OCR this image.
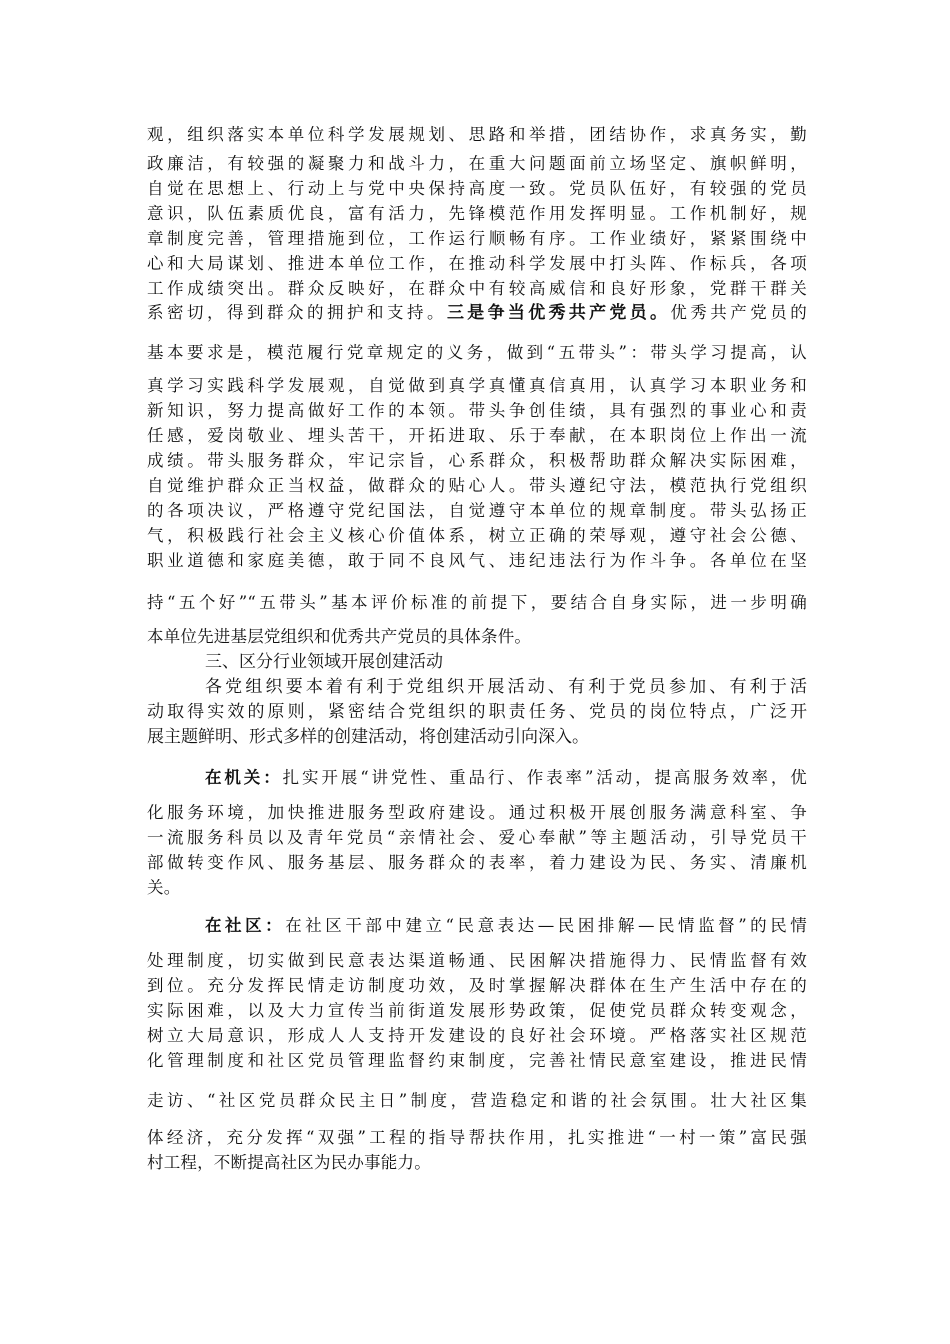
观，组织落实本单位科学发展规划、思路和举措，团结协作，求真务实，勤
政廉洁，有较强的凝聚力和战斗力，在重大问题面前立场坚定、旗帜鲜明，
自觉在思想上、行动上与党中央保持高度一致。党员队伍好，有较强的党员
意识，队伍素质优良，富有活力，先锋模范作用发挥明显。工作机制好，规
章制度完善，管理措施到位，工作运行顺畅有序。工作业绩好，紧紧围绕中
心和大局谋划、推进本单位工作，在推动科学发展中打头阵、作标兵，各项
工作成绩突出。群众反映好，在群众中有较高威信和良好形象，党群干群关
系密切，得到群众的拥护和支持。三是争当优秀共产党员。优秀共产党员的
基本要求是，模范履行党章规定的义务，做到“五带头”：带头学习提高，认
真学习实践科学发展观，自觉做到真学真懂真信真用，认真学习本职业务和
新知识，努力提高做好工作的本领。带头争创佳绩，具有强烈的事业心和责
任感，爱岗敬业、埋头苦干，开拓进取、乐于奉献，在本职岗位上作出一流
成绩。带头服务群众，牢记宗旨，心系群众，积极帮助群众解决实际困难，
自觉维护群众正当权益，做群众的贴心人。带头遵纪守法，模范执行党组织
的各项决议，严格遵守党纪国法，自觉遵守本单位的规章制度。带头弘扬正
气，积极践行社会主义核心价值体系，树立正确的荣辱观，遵守社会公德、
职业道德和家庭美德，敢于同不良风气、违纪违法行为作斗争。各单位在坚
持“五个好”“五带头”基本评价标准的前提下，要结合自身实际，进一步明确
本单位先进基层党组织和优秀共产党员的具体条件。
三、区分行业领域开展创建活动
各党组织要本着有利于党组织开展活动、有利于党员参加、有利于活
动取得实效的原则，紧密结合党组织的职责任务、党员的岗位特点，广泛开
展主题鲜明、形式多样的创建活动，将创建活动引向深入。
在机关：扎实开展“讲党性、重品行、作表率”活动，提高服务效率，优
化服务环境，加快推进服务型政府建设。通过积极开展创服务满意科室、争
一流服务科员以及青年党员“亲情社会、爱心奉献”等主题活动，引导党员干
部做转变作风、服务基层、服务群众的表率，着力建设为民、务实、清廉机
关。
在社区：在社区干部中建立“民意表达—民困排解—民情监督”的民情
处理制度，切实做到民意表达渠道畅通、民困解决措施得力、民情监督有效
到位。充分发挥民情走访制度功效，及时掌握解决群体在生产生活中存在的
实际困难，以及大力宣传当前街道发展形势政策，促使党员群众转变观念，
树立大局意识，形成人人支持开发建设的良好社会环境。严格落实社区规范
化管理制度和社区党员管理监督约束制度，完善社情民意室建设，推进民情
走访、“社区党员群众民主日”制度，营造稳定和谐的社会氛围。壮大社区集
体经济，充分发挥“双强”工程的指导帮扶作用，扎实推进“一村一策”富民强
村工程，不断提高社区为民办事能力。
